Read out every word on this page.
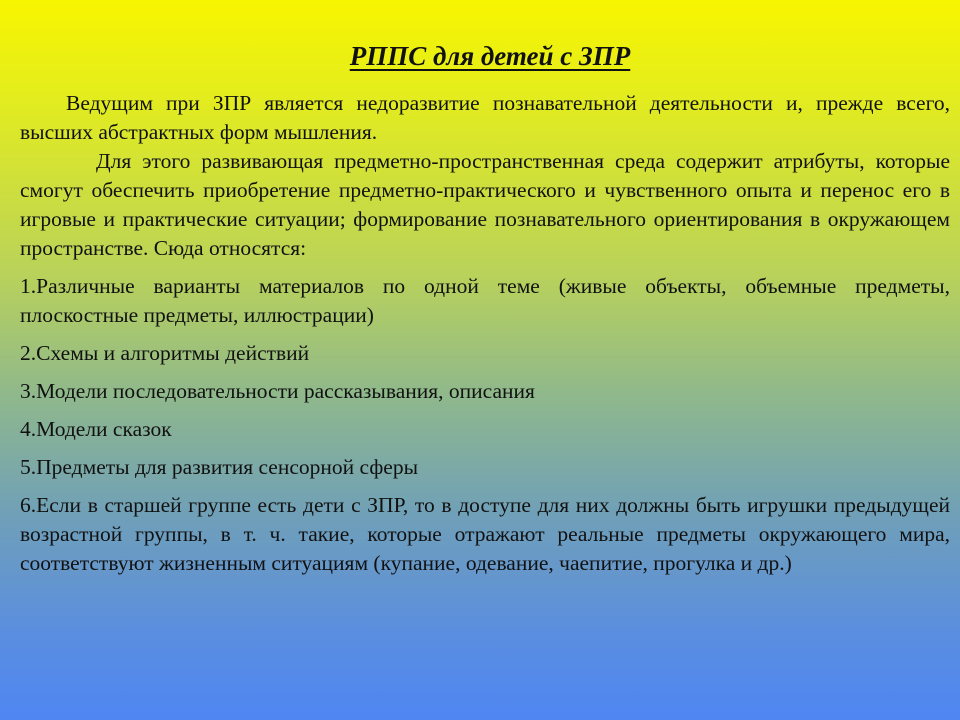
РППС для детей с ЗПР

Ведущим при ЗПР является недоразвитие познавательной деятельности и, прежде всего, высших абстрактных форм мышления.

Для этого развивающая предметно-пространственная среда содержит атрибуты, которые смогут обеспечить приобретение предметно-практического и чувственного опыта и перенос его в игровые и практические ситуации; формирование познавательного ориентирования в окружающем пространстве. Сюда относятся:

1.Различные варианты материалов по одной теме (живые объекты, объемные предметы, плоскостные предметы, иллюстрации)

2.Схемы и алгоритмы действий

3.Модели последовательности рассказывания, описания

4.Модели сказок

5.Предметы для развития сенсорной сферы

6.Если в старшей группе есть дети с ЗПР, то в доступе для них должны быть игрушки предыдущей возрастной группы, в т. ч. такие, которые отражают реальные предметы окружающего мира, соответствуют жизненным ситуациям (купание, одевание, чаепитие, прогулка и др.)
